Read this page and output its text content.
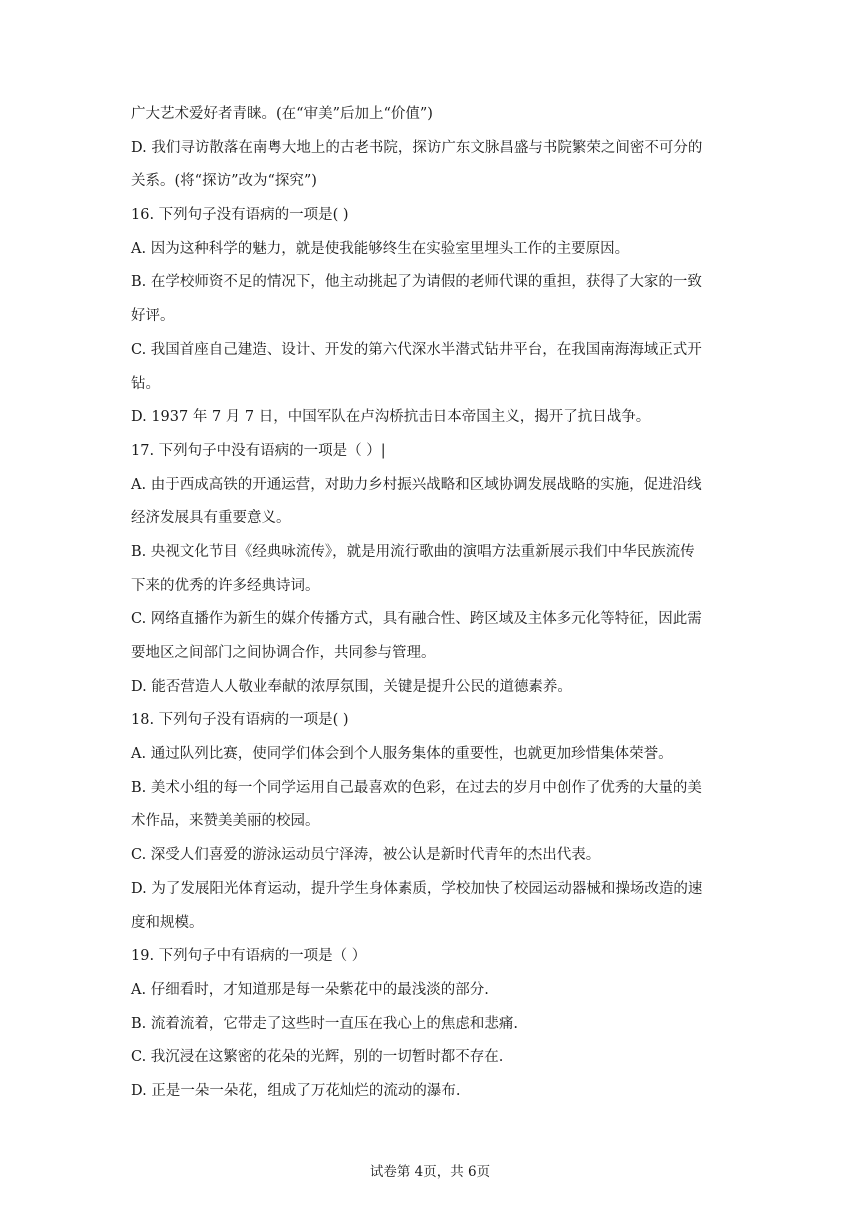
广大艺术爱好者青睐。(在“审美”后加上“价值”)

D. 我们寻访散落在南粤大地上的古老书院，探访广东文脉昌盛与书院繁荣之间密不可分的

关系。(将“探访”改为“探究”)

16. 下列句子没有语病的一项是( )

A. 因为这种科学的魅力，就是使我能够终生在实验室里埋头工作的主要原因。

B. 在学校师资不足的情况下，他主动挑起了为请假的老师代课的重担，获得了大家的一致

好评。

C. 我国首座自己建造、设计、开发的第六代深水半潜式钻井平台，在我国南海海域正式开

钻。

D. 1937 年 7 月 7 日，中国军队在卢沟桥抗击日本帝国主义，揭开了抗日战争。

17. 下列句子中没有语病的一项是（ ）|

A. 由于西成高铁的开通运营，对助力乡村振兴战略和区域协调发展战略的实施，促进沿线

经济发展具有重要意义。

B. 央视文化节目《经典咏流传》，就是用流行歌曲的演唱方法重新展示我们中华民族流传

下来的优秀的许多经典诗词。

C. 网络直播作为新生的媒介传播方式，具有融合性、跨区域及主体多元化等特征，因此需

要地区之间部门之间协调合作，共同参与管理。

D. 能否营造人人敬业奉献的浓厚氛围，关键是提升公民的道德素养。

18. 下列句子没有语病的一项是( )

A. 通过队列比赛，使同学们体会到个人服务集体的重要性，也就更加珍惜集体荣誉。

B. 美术小组的每一个同学运用自己最喜欢的色彩，在过去的岁月中创作了优秀的大量的美

术作品，来赞美美丽的校园。

C. 深受人们喜爱的游泳运动员宁泽涛，被公认是新时代青年的杰出代表。

D. 为了发展阳光体育运动，提升学生身体素质，学校加快了校园运动器械和操场改造的速

度和规模。

19. 下列句子中有语病的一项是（ ）

A. 仔细看时，才知道那是每一朵紫花中的最浅淡的部分.

B. 流着流着，它带走了这些时一直压在我心上的焦虑和悲痛.

C. 我沉浸在这繁密的花朵的光辉，别的一切暂时都不存在.

D. 正是一朵一朵花，组成了万花灿烂的流动的瀑布.

试卷第 4页，共 6页
